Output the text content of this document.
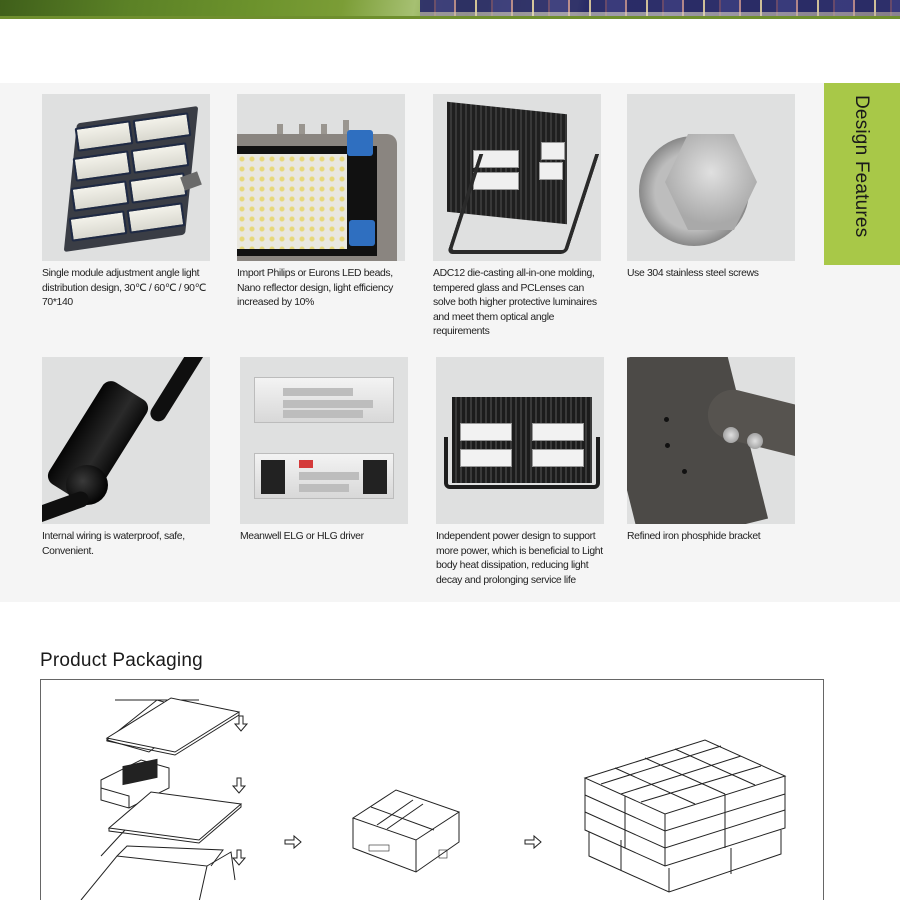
Design Features
Single module adjustment angle light distribution design, 30℃ / 60℃ / 90℃ 70*140
Import Philips or Eurons LED beads, Nano reflector design, light efficiency increased by 10%
ADC12 die-casting all-in-one molding, tempered glass and PCLenses can solve both higher protective luminaires and meet them optical angle requirements
Use 304 stainless steel screws
Internal wiring is waterproof, safe, Convenient.
Meanwell ELG or HLG driver	Independent power design to support more power, which is beneficial to Light body heat dissipation, reducing light decay and prolonging service life
Refined iron phosphide bracket
Product Packaging
